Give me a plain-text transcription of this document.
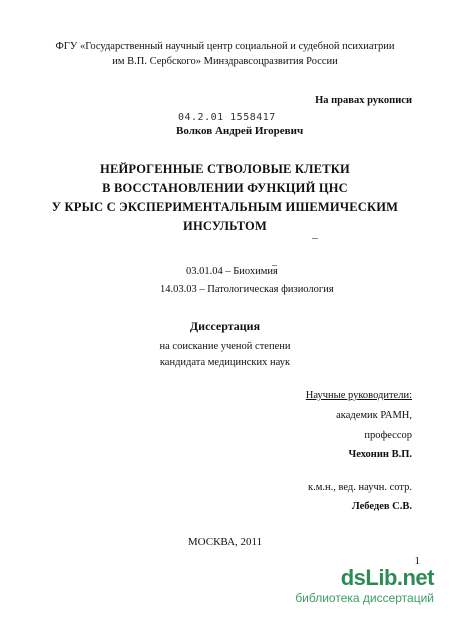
ФГУ «Государственный научный центр социальной и судебной психиатрии
им В.П. Сербского» Минздравсоцразвития России
На правах рукописи
04.2.01 1558417
Волков Андрей Игоревич
НЕЙРОГЕННЫЕ СТВОЛОВЫЕ КЛЕТКИ
В ВОССТАНОВЛЕНИИ ФУНКЦИЙ ЦНС
У КРЫС С ЭКСПЕРИМЕНТАЛЬНЫМ ИШЕМИЧЕСКИМ
ИНСУЛЬТОМ
03.01.04 – Биохимия
14.03.03 – Патологическая физиология
Диссертация
на соискание ученой степени
кандидата медицинских наук
Научные руководители:
академик РАМН,
профессор
Чехонин В.П.
к.м.н., вед. научн. сотр.
Лебедев С.В.
МОСКВА, 2011
1
dsLib.net
библиотека диссертаций
